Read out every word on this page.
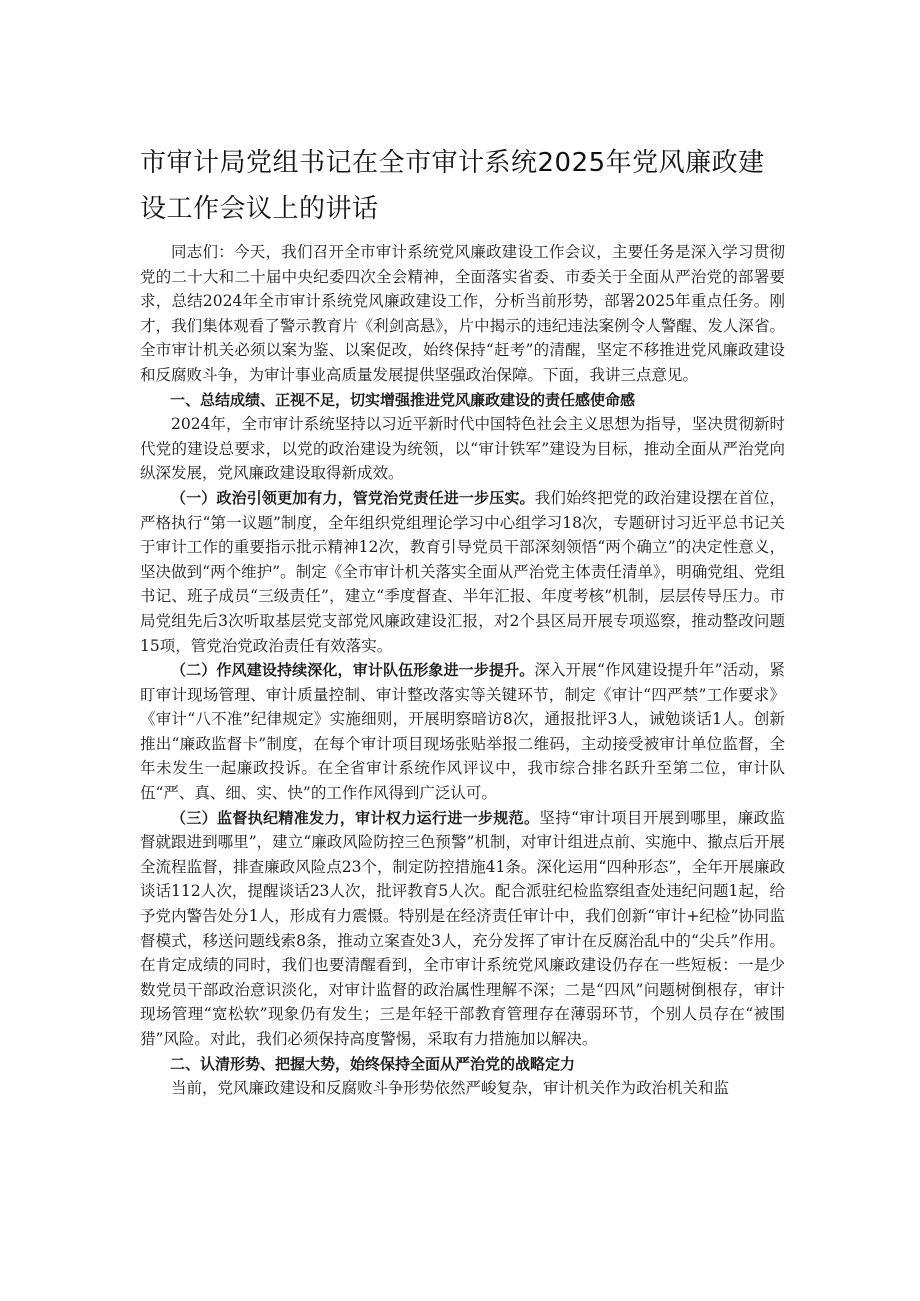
市审计局党组书记在全市审计系统2025年党风廉政建设工作会议上的讲话

同志们：今天，我们召开全市审计系统党风廉政建设工作会议，主要任务是深入学习贯彻党的二十大和二十届中央纪委四次全会精神，全面落实省委、市委关于全面从严治党的部署要求，总结2024年全市审计系统党风廉政建设工作，分析当前形势，部署2025年重点任务。刚才，我们集体观看了警示教育片《利剑高悬》，片中揭示的违纪违法案例令人警醒、发人深省。全市审计机关必须以案为鉴、以案促改，始终保持“赶考”的清醒，坚定不移推进党风廉政建设和反腐败斗争，为审计事业高质量发展提供坚强政治保障。下面，我讲三点意见。

一、总结成绩、正视不足，切实增强推进党风廉政建设的责任感使命感

2024年，全市审计系统坚持以习近平新时代中国特色社会主义思想为指导，坚决贯彻新时代党的建设总要求，以党的政治建设为统领，以“审计铁军”建设为目标，推动全面从严治党向纵深发展，党风廉政建设取得新成效。

（一）政治引领更加有力，管党治党责任进一步压实。我们始终把党的政治建设摆在首位，严格执行“第一议题”制度，全年组织党组理论学习中心组学习18次，专题研讨习近平总书记关于审计工作的重要指示批示精神12次，教育引导党员干部深刻领悟“两个确立”的决定性意义，坚决做到“两个维护”。制定《全市审计机关落实全面从严治党主体责任清单》，明确党组、党组书记、班子成员“三级责任”，建立“季度督查、半年汇报、年度考核”机制，层层传导压力。市局党组先后3次听取基层党支部党风廉政建设汇报，对2个县区局开展专项巡察，推动整改问题15项，管党治党政治责任有效落实。

（二）作风建设持续深化，审计队伍形象进一步提升。深入开展“作风建设提升年”活动，紧盯审计现场管理、审计质量控制、审计整改落实等关键环节，制定《审计“四严禁”工作要求》《审计“八不准”纪律规定》实施细则，开展明察暗访8次，通报批评3人，诫勉谈话1人。创新推出“廉政监督卡”制度，在每个审计项目现场张贴举报二维码，主动接受被审计单位监督，全年未发生一起廉政投诉。在全省审计系统作风评议中，我市综合排名跃升至第二位，审计队伍“严、真、细、实、快”的工作作风得到广泛认可。

（三）监督执纪精准发力，审计权力运行进一步规范。坚持“审计项目开展到哪里，廉政监督就跟进到哪里”，建立“廉政风险防控三色预警”机制，对审计组进点前、实施中、撤点后开展全流程监督，排查廉政风险点23个，制定防控措施41条。深化运用“四种形态”，全年开展廉政谈话112人次，提醒谈话23人次，批评教育5人次。配合派驻纪检监察组查处违纪问题1起，给予党内警告处分1人，形成有力震慑。特别是在经济责任审计中，我们创新“审计+纪检”协同监督模式，移送问题线索8条，推动立案查处3人，充分发挥了审计在反腐治乱中的“尖兵”作用。在肯定成绩的同时，我们也要清醒看到，全市审计系统党风廉政建设仍存在一些短板：一是少数党员干部政治意识淡化，对审计监督的政治属性理解不深；二是“四风”问题树倒根存，审计现场管理“宽松软”现象仍有发生；三是年轻干部教育管理存在薄弱环节，个别人员存在“被围猎”风险。对此，我们必须保持高度警惕，采取有力措施加以解决。

二、认清形势、把握大势，始终保持全面从严治党的战略定力

当前，党风廉政建设和反腐败斗争形势依然严峻复杂，审计机关作为政治机关和监
